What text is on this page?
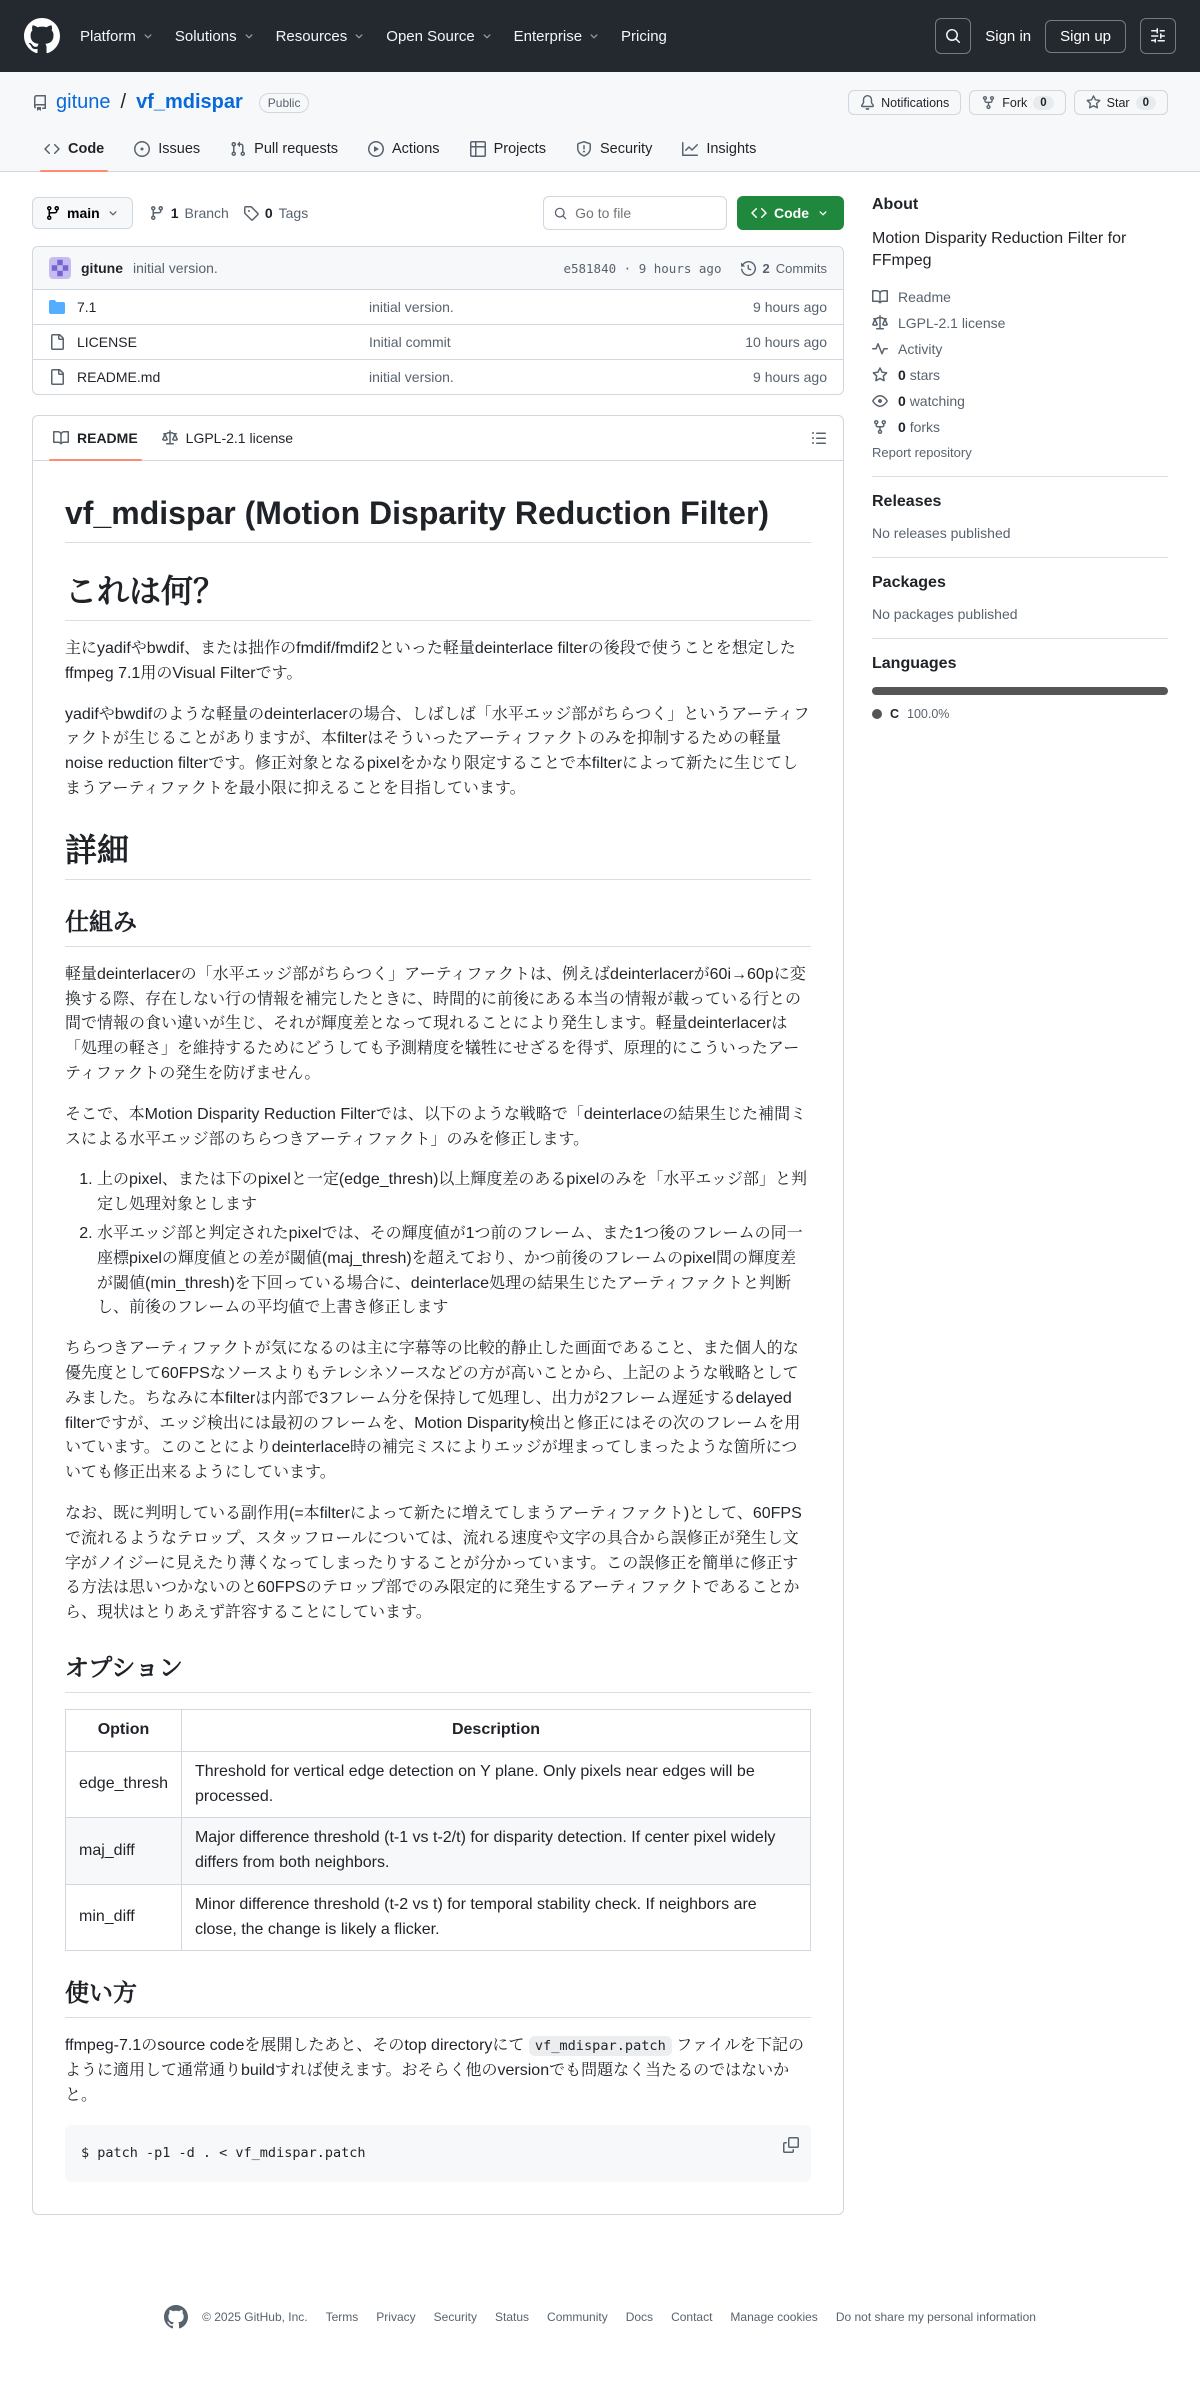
Platform	Solutions	Resources	Open Source	Enterprise	Pricing	Sign in	Sign up
gitune / vf_mdispar	Public	Notifications	Fork	0	Star	0
Code	Issues	Pull requests	Actions	Projects	Security	Insights
main	1 Branch	0 Tags
Go to file	Code
gitune initial version.	e581840 · 9 hours ago	2 Commits
7.1	initial version.	9 hours ago
LICENSE	Initial commit	10 hours ago
README.md	initial version.	9 hours ago
README	LGPL-2.1 license
vf_mdispar (Motion Disparity Reduction Filter)
これは何？

主にyadifやbwdif、または拙作のfmdif/fmdif2といった軽量deinterlace filterの後段で使うことを想定したffmpeg 7.1用のVisual Filterです。

yadifやbwdifのような軽量のdeinterlacerの場合、しばしば「水平エッジ部がちらつく」というアーティファクトが生じることがありますが、本filterはそういったアーティファクトのみを抑制するための軽量noise reduction filterです。修正対象となるpixelをかなり限定することで本filterによって新たに生じてしまうアーティファクトを最小限に抑えることを目指しています。

詳細
仕組み

軽量deinterlacerの「水平エッジ部がちらつく」アーティファクトは、例えばdeinterlacerが60i→60pに変換する際、存在しない行の情報を補完したときに、時間的に前後にある本当の情報が載っている行との間で情報の食い違いが生じ、それが輝度差となって現れることにより発生します。軽量deinterlacerは「処理の軽さ」を維持するためにどうしても予測精度を犠牲にせざるを得ず、原理的にこういったアーティファクトの発生を防げません。

そこで、本Motion Disparity Reduction Filterでは、以下のような戦略で「deinterlaceの結果生じた補間ミスによる水平エッジ部のちらつきアーティファクト」のみを修正します。

1. 上のpixel、または下のpixelと一定(edge_thresh)以上輝度差のあるpixelのみを「水平エッジ部」と判定し処理対象とします
2. 水平エッジ部と判定されたpixelでは、その輝度値が1つ前のフレーム、また1つ後のフレームの同一座標pixelの輝度値との差が閾値(maj_thresh)を超えており、かつ前後のフレームのpixel間の輝度差が閾値(min_thresh)を下回っている場合に、deinterlace処理の結果生じたアーティファクトと判断し、前後のフレームの平均値で上書き修正します

ちらつきアーティファクトが気になるのは主に字幕等の比較的静止した画面であること、また個人的な優先度として60FPSなソースよりもテレシネソースなどの方が高いことから、上記のような戦略としてみました。ちなみに本filterは内部で3フレーム分を保持して処理し、出力が2フレーム遅延するdelayed filterですが、エッジ検出には最初のフレームを、Motion Disparity検出と修正にはその次のフレームを用いています。このことによりdeinterlace時の補完ミスによりエッジが埋まってしまったような箇所についても修正出来るようにしています。

なお、既に判明している副作用(=本filterによって新たに増えてしまうアーティファクト)として、60FPSで流れるようなテロップ、スタッフロールについては、流れる速度や文字の具合から誤修正が発生し文字がノイジーに見えたり薄くなってしまったりすることが分かっています。この誤修正を簡単に修正する方法は思いつかないのと60FPSのテロップ部でのみ限定的に発生するアーティファクトであることから、現状はとりあえず許容することにしています。

オプション
Option	Description
edge_thresh	Threshold for vertical edge detection on Y plane. Only pixels near edges will be processed.
maj_diff	Major difference threshold (t-1 vs t-2/t) for disparity detection. If center pixel widely differs from both neighbors.
min_diff	Minor difference threshold (t-2 vs t) for temporal stability check. If neighbors are close, the change is likely a flicker.
使い方

ffmpeg-7.1のsource codeを展開したあと、そのtop directoryにて vf_mdispar.patch ファイルを下記のように適用して通常通りbuildすれば使えます。おそらく他のversionでも問題なく当たるのではないかと。

$ patch -p1 -d . < vf_mdispar.patch
About

Motion Disparity Reduction Filter for FFmpeg

Readme
LGPL-2.1 license
Activity
0 stars
0 watching
0 forks
Report repository
Releases

No releases published

Packages

No packages published

Languages
C 100.0%
© 2025 GitHub, Inc. Terms Privacy Security Status Community Docs Contact Manage cookies Do not share my personal information
